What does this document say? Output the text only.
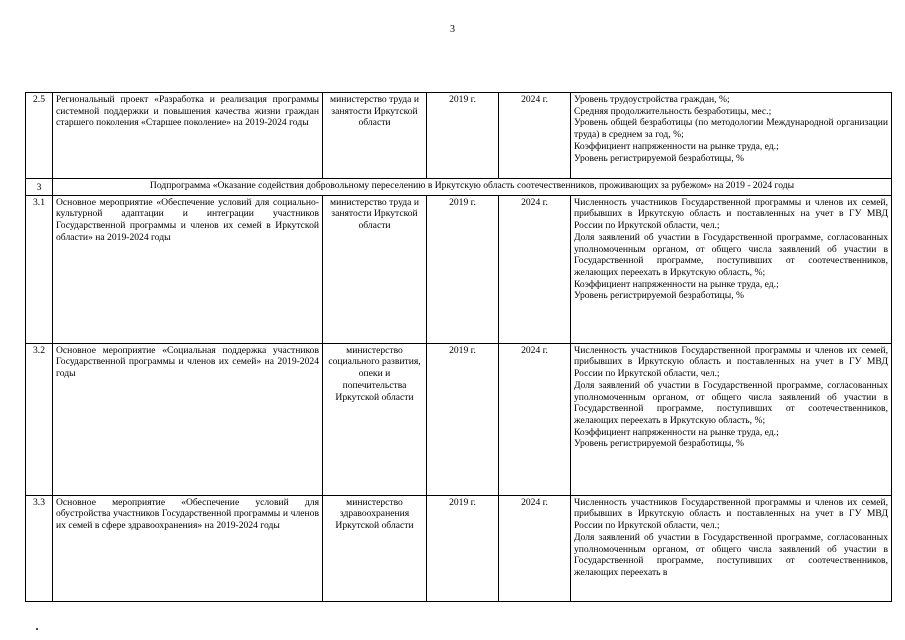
3
2.5	Региональный проект «Разработка и реализация программы системной поддержки и повышения качества жизни граждан старшего поколения «Старшее поколение» на 2019-2024 годы	министерство труда и занятости Иркутской области	2019 г.	2024 г.	Уровень трудоустройства граждан, %;
Средняя продолжительность безработицы, мес.;
Уровень общей безработицы (по методологии Международной организации труда) в среднем за год, %;
Коэффициент напряженности на рынке труда, ед.;
Уровень регистрируемой безработицы, %

3	Подпрограмма «Оказание содействия добровольному переселению в Иркутскую область соотечественников, проживающих за рубежом» на 2019 - 2024 годы				
3.1	Основное мероприятие «Обеспечение условий для социально-культурной адаптации и интеграции участников Государственной программы и членов их семей в Иркутской области» на 2019-2024 годы	министерство труда и занятости Иркутской области	2019 г.	2024 г.	Численность участников Государственной программы и членов их семей, прибывших в Иркутскую область и поставленных на учет в ГУ МВД России по Иркутской области, чел.;
Доля заявлений об участии в Государственной программе, согласованных уполномоченным органом, от общего числа заявлений об участии в Государственной программе, поступивших от соотечественников, желающих переехать в Иркутскую область, %;
Коэффициент напряженности на рынке труда, ед.;
Уровень регистрируемой безработицы, %

3.2	Основное мероприятие «Социальная поддержка участников Государственной программы и членов их семей» на 2019-2024 годы	министерство социального развития, опеки и попечительства Иркутской области	2019 г.	2024 г.	Численность участников Государственной программы и членов их семей, прибывших в Иркутскую область и поставленных на учет в ГУ МВД России по Иркутской области, чел.;
Доля заявлений об участии в Государственной программе, согласованных уполномоченным органом, от общего числа заявлений об участии в Государственной программе, поступивших от соотечественников, желающих переехать в Иркутскую область, %;
Коэффициент напряженности на рынке труда, ед.;
Уровень регистрируемой безработицы, %

3.3	Основное мероприятие «Обеспечение условий для обустройства участников Государственной программы и членов их семей в сфере здравоохранения» на 2019-2024 годы	министерство здравоохранения Иркутской области	2019 г.	2024 г.	Численность участников Государственной программы и членов их семей, прибывших в Иркутскую область и поставленных на учет в ГУ МВД России по Иркутской области, чел.;
Доля заявлений об участии в Государственной программе, согласованных уполномоченным органом, от общего числа заявлений об участии в Государственной программе, поступивших от соотечественников, желающих переехать в
